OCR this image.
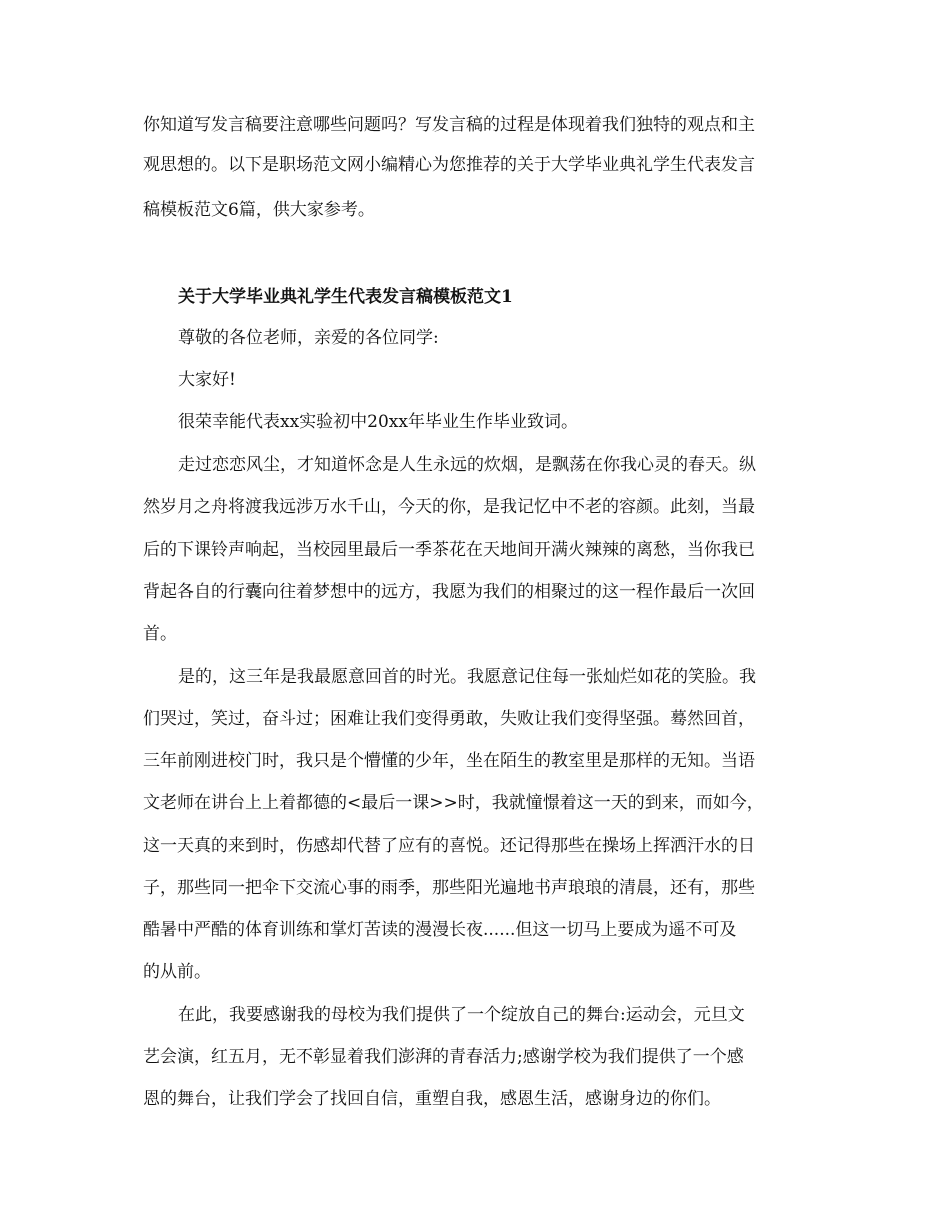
你知道写发言稿要注意哪些问题吗？写发言稿的过程是体现着我们独特的观点和主
观思想的。以下是职场范文网小编精心为您推荐的关于大学毕业典礼学生代表发言
稿模板范文6篇，供大家参考。
关于大学毕业典礼学生代表发言稿模板范文1
尊敬的各位老师，亲爱的各位同学:
大家好!
很荣幸能代表xx实验初中20xx年毕业生作毕业致词。
走过恋恋风尘，才知道怀念是人生永远的炊烟，是飘荡在你我心灵的春天。纵
然岁月之舟将渡我远涉万水千山，今天的你，是我记忆中不老的容颜。此刻，当最
后的下课铃声响起，当校园里最后一季茶花在天地间开满火辣辣的离愁，当你我已
背起各自的行囊向往着梦想中的远方，我愿为我们的相聚过的这一程作最后一次回
首。
是的，这三年是我最愿意回首的时光。我愿意记住每一张灿烂如花的笑脸。我
们哭过，笑过，奋斗过；困难让我们变得勇敢，失败让我们变得坚强。蓦然回首，
三年前刚进校门时，我只是个懵懂的少年，坐在陌生的教室里是那样的无知。当语
文老师在讲台上上着都德的<最后一课>>时，我就憧憬着这一天的到来，而如今，
这一天真的来到时，伤感却代替了应有的喜悦。还记得那些在操场上挥洒汗水的日
子，那些同一把伞下交流心事的雨季，那些阳光遍地书声琅琅的清晨，还有，那些
酷暑中严酷的体育训练和掌灯苦读的漫漫长夜......但这一切马上要成为遥不可及
的从前。
在此，我要感谢我的母校为我们提供了一个绽放自己的舞台:运动会，元旦文
艺会演，红五月，无不彰显着我们澎湃的青春活力;感谢学校为我们提供了一个感
恩的舞台，让我们学会了找回自信，重塑自我，感恩生活，感谢身边的你们。
